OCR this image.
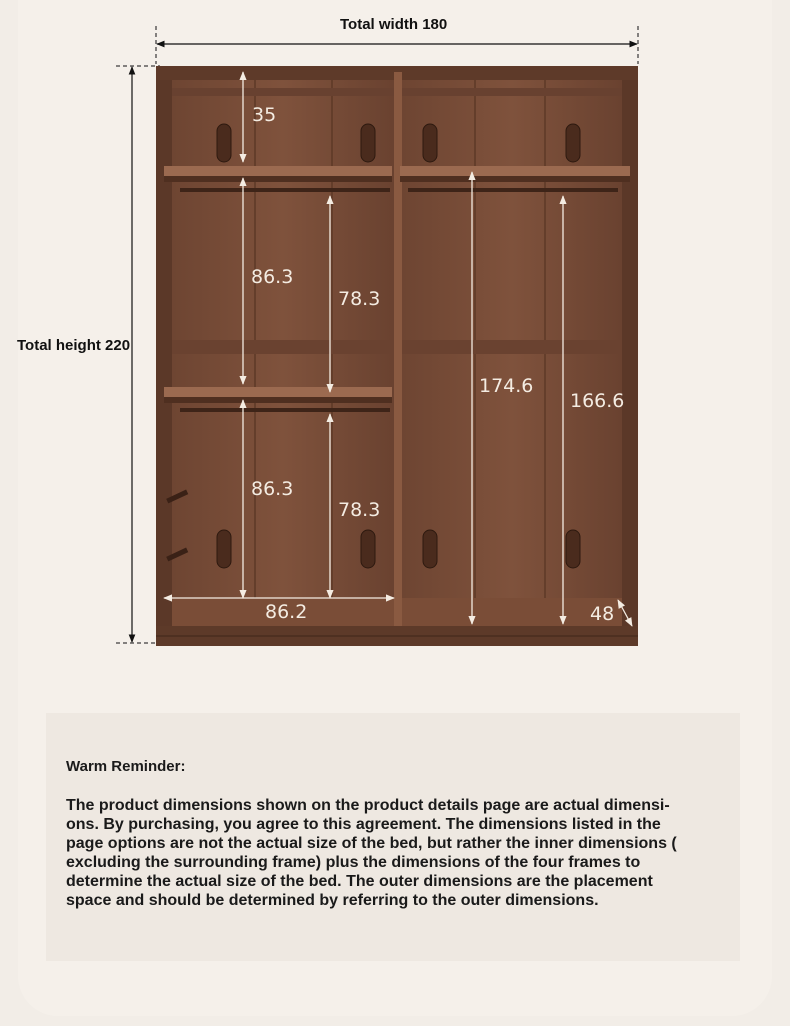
Total width 180
Total height 220
35
86.3
78.3
86.3
78.3
174.6
166.6
86.2	48
Warm Reminder:
The product dimensions shown on the product details page are actual dimensi-ons. By purchasing, you agree to this agreement. The dimensions listed in the page options are not the actual size of the bed, but rather the inner dimensions ( excluding the surrounding frame) plus the dimensions of the four frames to determine the actual size of the bed. The outer dimensions are the placement space and should be determined by referring to the outer dimensions.
